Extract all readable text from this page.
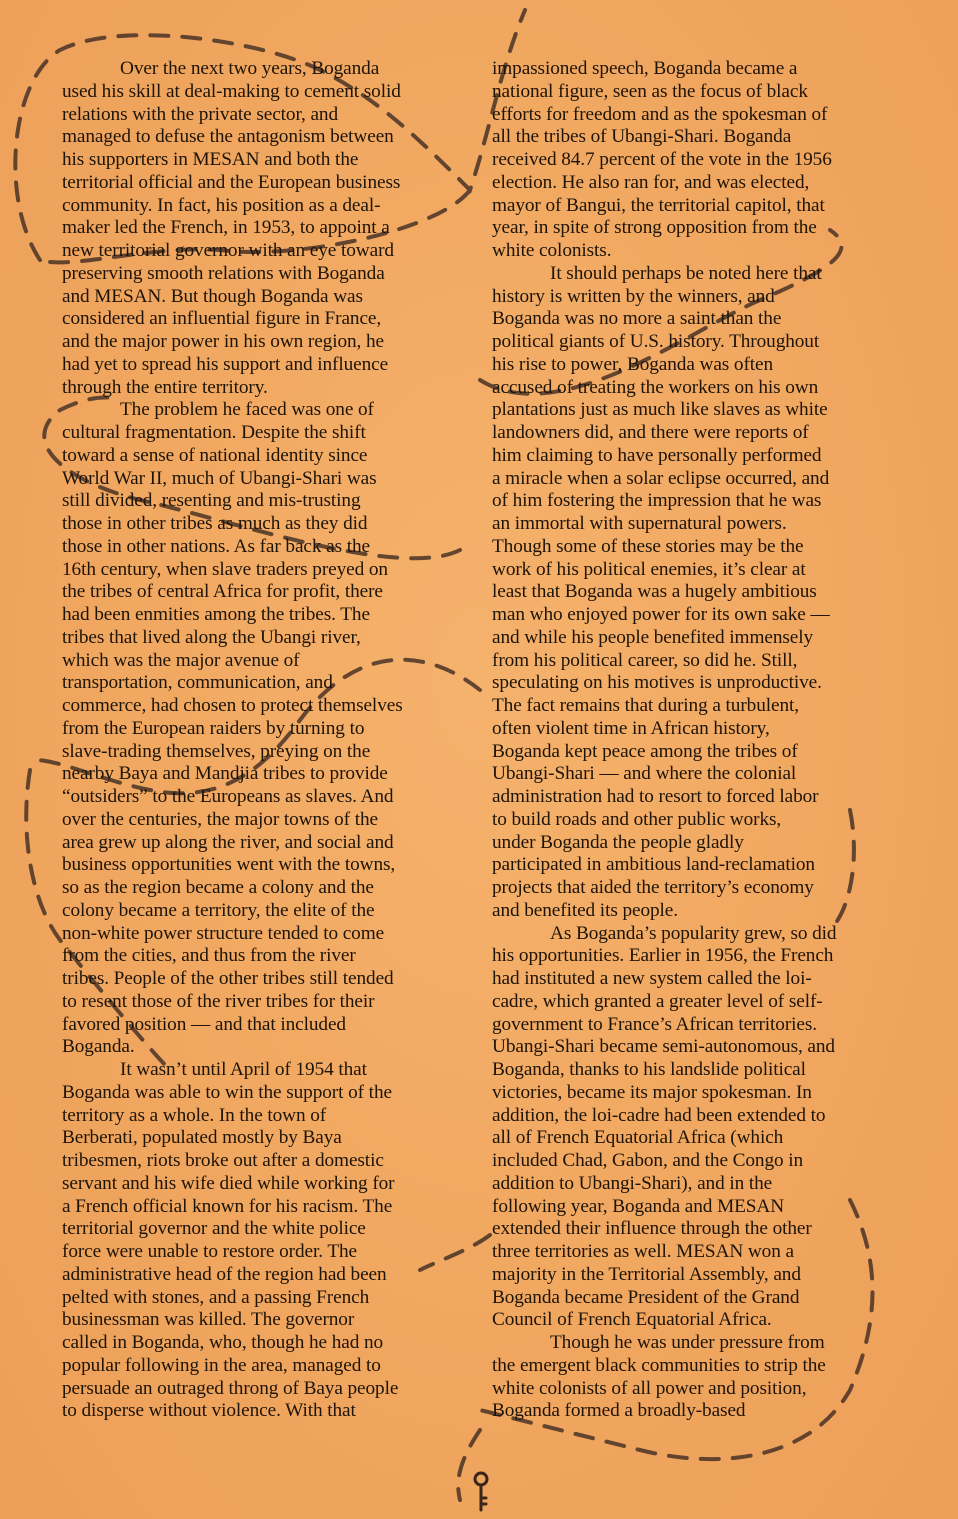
Over the next two years, Boganda
used his skill at deal-making to cement solid
relations with the private sector, and
managed to defuse the antagonism between
his supporters in MESAN and both the
territorial official and the European business
community. In fact, his position as a deal-
maker led the French, in 1953, to appoint a
new territorial governor with an eye toward
preserving smooth relations with Boganda
and MESAN. But though Boganda was
considered an influential figure in France,
and the major power in his own region, he
had yet to spread his support and influence
through the entire territory.

The problem he faced was one of
cultural fragmentation. Despite the shift
toward a sense of national identity since
World War II, much of Ubangi-Shari was
still divided, resenting and mis-trusting
those in other tribes as much as they did
those in other nations. As far back as the
16th century, when slave traders preyed on
the tribes of central Africa for profit, there
had been enmities among the tribes. The
tribes that lived along the Ubangi river,
which was the major avenue of
transportation, communication, and
commerce, had chosen to protect themselves
from the European raiders by turning to
slave-trading themselves, preying on the
nearby Baya and Mandjia tribes to provide
“outsiders” to the Europeans as slaves. And
over the centuries, the major towns of the
area grew up along the river, and social and
business opportunities went with the towns,
so as the region became a colony and the
colony became a territory, the elite of the
non-white power structure tended to come
from the cities, and thus from the river
tribes. People of the other tribes still tended
to resent those of the river tribes for their
favored position — and that included
Boganda.

It wasn’t until April of 1954 that
Boganda was able to win the support of the
territory as a whole. In the town of
Berberati, populated mostly by Baya
tribesmen, riots broke out after a domestic
servant and his wife died while working for
a French official known for his racism. The
territorial governor and the white police
force were unable to restore order. The
administrative head of the region had been
pelted with stones, and a passing French
businessman was killed. The governor
called in Boganda, who, though he had no
popular following in the area, managed to
persuade an outraged throng of Baya people
to disperse without violence. With that

impassioned speech, Boganda became a
national figure, seen as the focus of black
efforts for freedom and as the spokesman of
all the tribes of Ubangi-Shari. Boganda
received 84.7 percent of the vote in the 1956
election. He also ran for, and was elected,
mayor of Bangui, the territorial capitol, that
year, in spite of strong opposition from the
white colonists.

It should perhaps be noted here that
history is written by the winners, and
Boganda was no more a saint than the
political giants of U.S. history. Throughout
his rise to power, Boganda was often
accused of treating the workers on his own
plantations just as much like slaves as white
landowners did, and there were reports of
him claiming to have personally performed
a miracle when a solar eclipse occurred, and
of him fostering the impression that he was
an immortal with supernatural powers.
Though some of these stories may be the
work of his political enemies, it’s clear at
least that Boganda was a hugely ambitious
man who enjoyed power for its own sake —
and while his people benefited immensely
from his political career, so did he. Still,
speculating on his motives is unproductive.
The fact remains that during a turbulent,
often violent time in African history,
Boganda kept peace among the tribes of
Ubangi-Shari — and where the colonial
administration had to resort to forced labor
to build roads and other public works,
under Boganda the people gladly
participated in ambitious land-reclamation
projects that aided the territory’s economy
and benefited its people.

As Boganda’s popularity grew, so did
his opportunities. Earlier in 1956, the French
had instituted a new system called the loi-
cadre, which granted a greater level of self-
government to France’s African territories.
Ubangi-Shari became semi-autonomous, and
Boganda, thanks to his landslide political
victories, became its major spokesman. In
addition, the loi-cadre had been extended to
all of French Equatorial Africa (which
included Chad, Gabon, and the Congo in
addition to Ubangi-Shari), and in the
following year, Boganda and MESAN
extended their influence through the other
three territories as well. MESAN won a
majority in the Territorial Assembly, and
Boganda became President of the Grand
Council of French Equatorial Africa.

Though he was under pressure from
the emergent black communities to strip the
white colonists of all power and position,
Boganda formed a broadly-based
